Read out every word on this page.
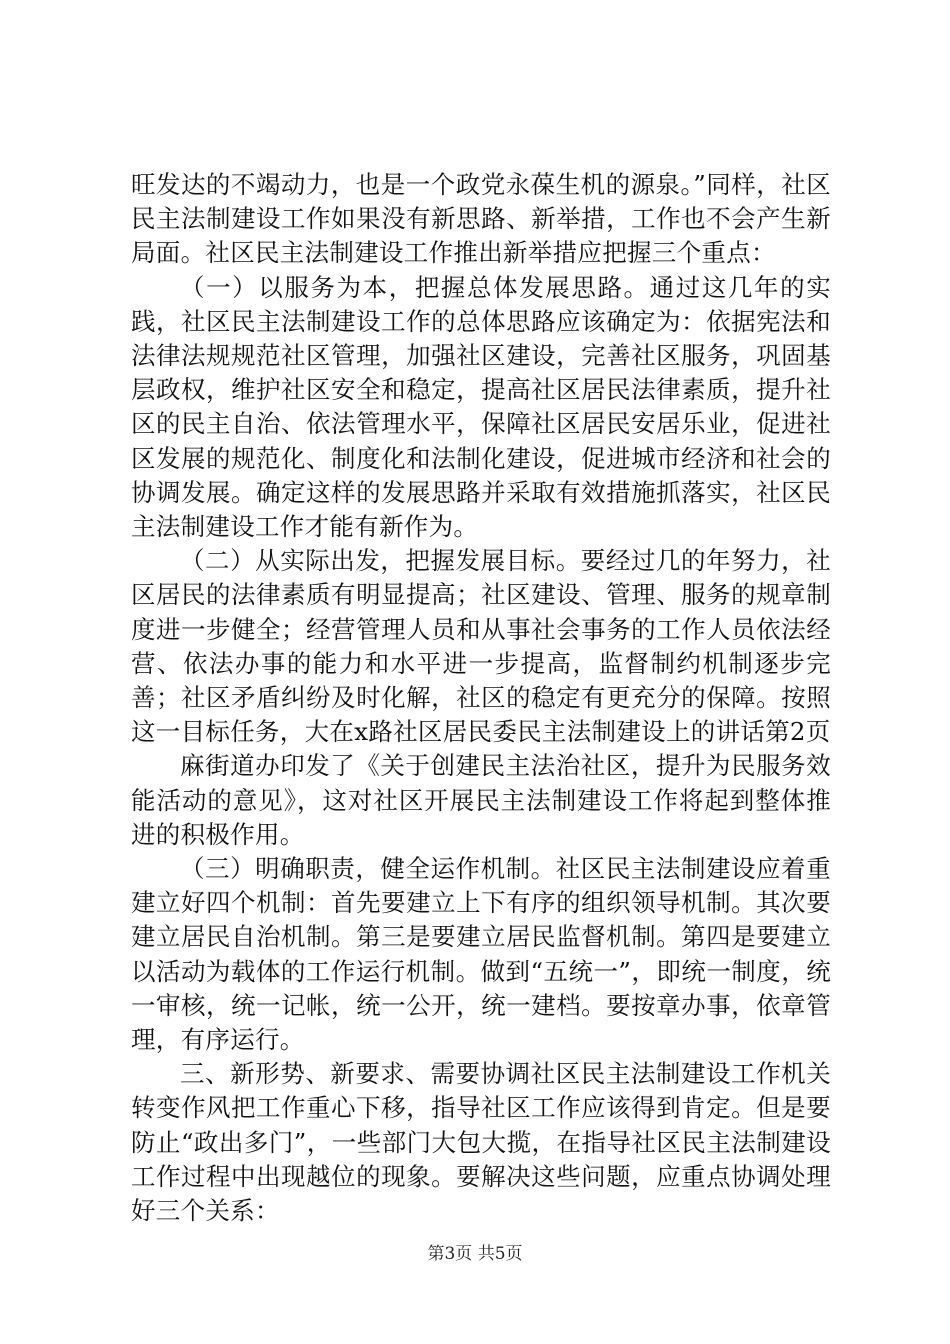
旺发达的不竭动力，也是一个政党永葆生机的源泉。”同样，社区民主法制建设工作如果没有新思路、新举措，工作也不会产生新局面。社区民主法制建设工作推出新举措应把握三个重点：

（一）以服务为本，把握总体发展思路。通过这几年的实践，社区民主法制建设工作的总体思路应该确定为：依据宪法和法律法规规范社区管理，加强社区建设，完善社区服务，巩固基层政权，维护社区安全和稳定，提高社区居民法律素质，提升社区的民主自治、依法管理水平，保障社区居民安居乐业，促进社区发展的规范化、制度化和法制化建设，促进城市经济和社会的协调发展。确定这样的发展思路并采取有效措施抓落实，社区民主法制建设工作才能有新作为。

（二）从实际出发，把握发展目标。要经过几的年努力，社区居民的法律素质有明显提高；社区建设、管理、服务的规章制度进一步健全；经营管理人员和从事社会事务的工作人员依法经营、依法办事的能力和水平进一步提高，监督制约机制逐步完善；社区矛盾纠纷及时化解，社区的稳定有更充分的保障。按照这一目标任务，大在x路社区居民委民主法制建设上的讲话第2页

麻街道办印发了《关于创建民主法治社区，提升为民服务效能活动的意见》，这对社区开展民主法制建设工作将起到整体推进的积极作用。

（三）明确职责，健全运作机制。社区民主法制建设应着重建立好四个机制：首先要建立上下有序的组织领导机制。其次要建立居民自治机制。第三是要建立居民监督机制。第四是要建立以活动为载体的工作运行机制。做到“五统一”，即统一制度，统一审核，统一记帐，统一公开，统一建档。要按章办事，依章管理，有序运行。

三、新形势、新要求、需要协调社区民主法制建设工作机关转变作风把工作重心下移，指导社区工作应该得到肯定。但是要防止“政出多门”，一些部门大包大揽，在指导社区民主法制建设工作过程中出现越位的现象。要解决这些问题，应重点协调处理好三个关系：

第3页 共5页
